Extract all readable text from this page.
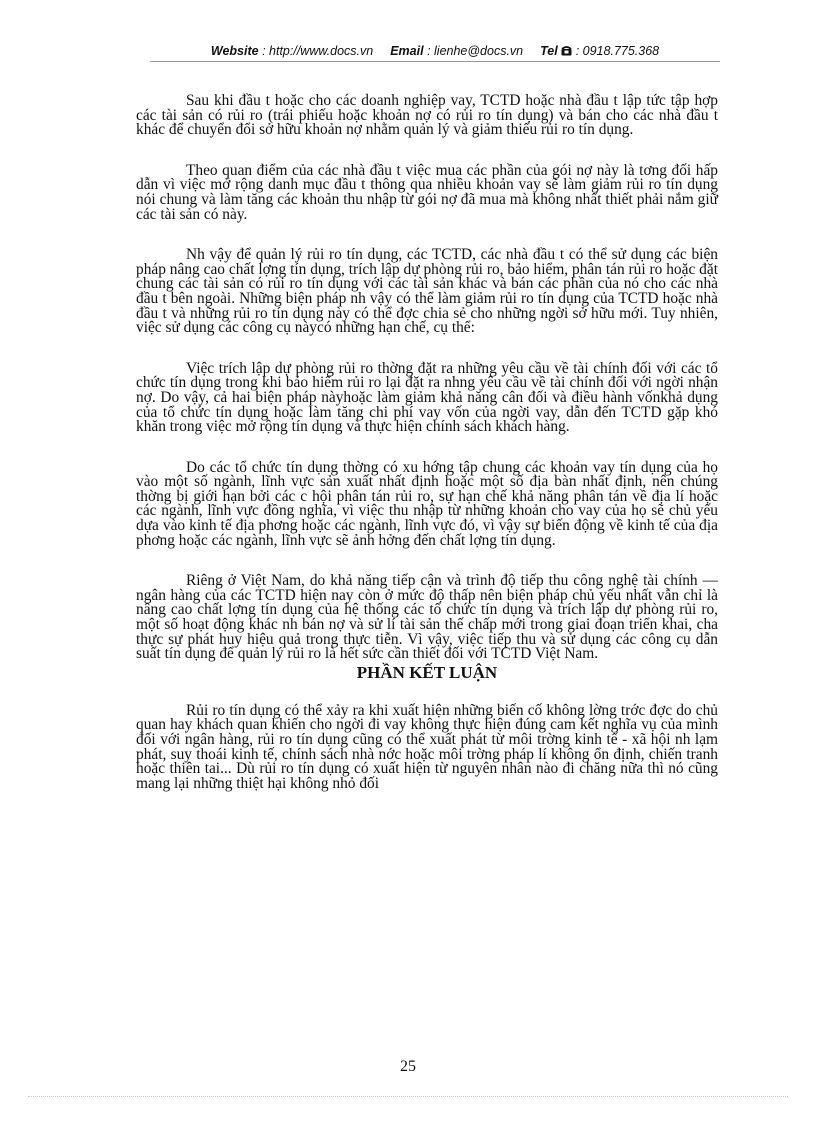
Website : http://www.docs.vn Email : lienhe@docs.vn Tel : 0918.775.368

Sau khi đầu t hoặc cho các doanh nghiệp vay, TCTD hoặc nhà đầu t lập tức tập hợp các tài sản có rủi ro (trái phiếu hoặc khoản nợ có rủi ro tín dụng) và bán cho các nhà đầu t khác để chuyển đổi sở hữu khoản nợ nhằm quản lý và giảm thiểu rủi ro tín dụng.

Theo quan điểm của các nhà đầu t việc mua các phần của gói nợ này là tơng đối hấp dẫn vì việc mở rộng danh mục đầu t thông qua nhiều khoản vay sẽ làm giảm rủi ro tín dụng nói chung và làm tăng các khoản thu nhập từ gói nợ đã mua mà không nhất thiết phải nắm giữ các tài sản có này.

Nh vậy để quản lý rủi ro tín dụng, các TCTD, các nhà đầu t có thể sử dụng các biện pháp nâng cao chất lợng tín dụng, trích lập dự phòng rủi ro, bảo hiểm, phân tán rủi ro hoặc đặt chung các tài sản có rủi ro tín dụng với các tài sản khác và bán các phần của nó cho các nhà đầu t bên ngoài. Những biện pháp nh vậy có thể làm giảm rủi ro tín dụng của TCTD hoặc nhà đầu t và những rủi ro tín dụng này có thể đợc chia sẻ cho những ngời sở hữu mới. Tuy nhiên, việc sử dụng các công cụ nàycó những hạn chế, cụ thể:

Việc trích lập dự phòng rủi ro thờng đặt ra những yêu cầu về tài chính đối với các tổ chức tín dụng trong khi bảo hiểm rủi ro lại đặt ra nhng yêu cầu về tài chính đối với ngời nhận nợ. Do vậy, cả hai biện pháp nàyhoặc làm giảm khả năng cân đối và điều hành vốnkhả dụng của tổ chức tín dụng hoặc làm tăng chi phí vay vốn của ngời vay, dẫn đến TCTD gặp khó khăn trong việc mở rộng tín dụng và thực hiện chính sách khách hàng.

Do các tổ chức tín dụng thờng có xu hớng tập chung các khoản vay tín dụng của họ vào một số ngành, lĩnh vực sản xuất nhất định hoặc một số địa bàn nhất định, nên chúng thờng bị giới hạn bởi các c hội phân tán rủi ro, sự hạn chế khả năng phân tán về địa lí hoặc các ngành, lĩnh vực đồng nghĩa, vì việc thu nhập từ những khoản cho vay của họ sẽ chủ yếu dựa vào kinh tế địa phơng hoặc các ngành, lĩnh vực đó, vì vậy sự biến động về kinh tế của địa phơng hoặc các ngành, lĩnh vực sẽ ảnh hởng đến chất lợng tín dụng.

Riêng ở Việt Nam, do khả năng tiếp cận và trình độ tiếp thu công nghệ tài chính — ngân hàng của các TCTD hiện nay còn ở mức độ thấp nên biện pháp chủ yếu nhất vẫn chỉ là nâng cao chất lợng tín dụng của hệ thống các tổ chức tín dụng và trích lập dự phòng rủi ro, một số hoạt động khác nh bán nợ và sử lí tài sản thế chấp mới trong giai đoạn triển khai, cha thực sự phát huy hiệu quả trong thực tiễn. Vì vậy, việc tiếp thu và sử dụng các công cụ dẫn suất tín dụng để quản lý rủi ro là hết sức cần thiết đối với TCTD Việt Nam.

PHẦN KẾT LUẬN

Rủi ro tín dụng có thể xảy ra khi xuất hiện những biến cố không lờng trớc đợc do chủ quan hay khách quan khiến cho ngời đi vay không thực hiện đúng cam kết nghĩa vụ của mình đối với ngân hàng, rủi ro tín dụng cũng có thể xuất phát từ môi trờng kinh tế - xã hội nh lạm phát, suy thoái kinh tế, chính sách nhà nớc hoặc môi trờng pháp lí không ổn định, chiến tranh hoặc thiên tai... Dù rủi ro tín dụng có xuất hiện từ nguyên nhân nào đi chăng nữa thì nó cũng mang lại những thiệt hại không nhỏ đối

25
